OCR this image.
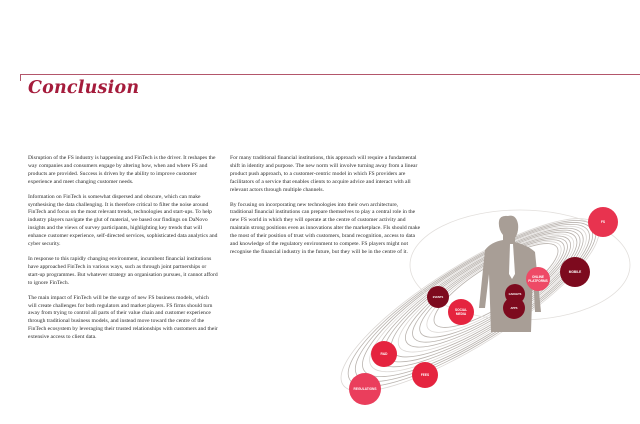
Conclusion

Disruption of the FS industry is happening and FinTech is the driver. It reshapes the way companies and consumers engage by altering how, when and where FS and products are provided. Success is driven by the ability to improve customer experience and meet changing customer needs.

Information on FinTech is somewhat dispersed and obscure, which can make synthesising the data challenging. It is therefore critical to filter the noise around FinTech and focus on the most relevant trends, technologies and start-ups. To help industry players navigate the glut of material, we based our findings on DaNovo insights and the views of survey participants, highlighting key trends that will enhance customer experience, self-directed services, sophisticated data analytics and cyber security.

In response to this rapidly changing environment, incumbent financial institutions have approached FinTech in various ways, such as through joint partnerships or start-up programmes. But whatever strategy an organisation pursues, it cannot afford to ignore FinTech.

The main impact of FinTech will be the surge of new FS business models, which will create challenges for both regulators and market players. FS firms should turn away from trying to control all parts of their value chain and customer experience through traditional business models, and instead move toward the centre of the FinTech ecosystem by leveraging their trusted relationships with customers and their extensive access to client data.

For many traditional financial institutions, this approach will require a fundamental shift in identity and purpose. The new norm will involve turning away from a linear product push approach, to a customer-centric model in which FS providers are facilitators of a service that enables clients to acquire advice and interact with all relevant actors through multiple channels.

By focusing on incorporating new technologies into their own architecture, traditional financial institutions can prepare themselves to play a central role in the new FS world in which they will operate at the centre of customer activity and maintain strong positions even as innovations alter the marketplace. FIs should make the most of their position of trust with customers, brand recognition, access to data and knowledge of the regulatory environment to compete. FS players might not recognise the financial industry in the future, but they will be in the centre of it.

FS
MOBILE
ONLINE
PLATFORMS
GADGETS
EVENTS
SOCIAL
MEDIA
APPS
R&D
FEES
REGULATIONS
